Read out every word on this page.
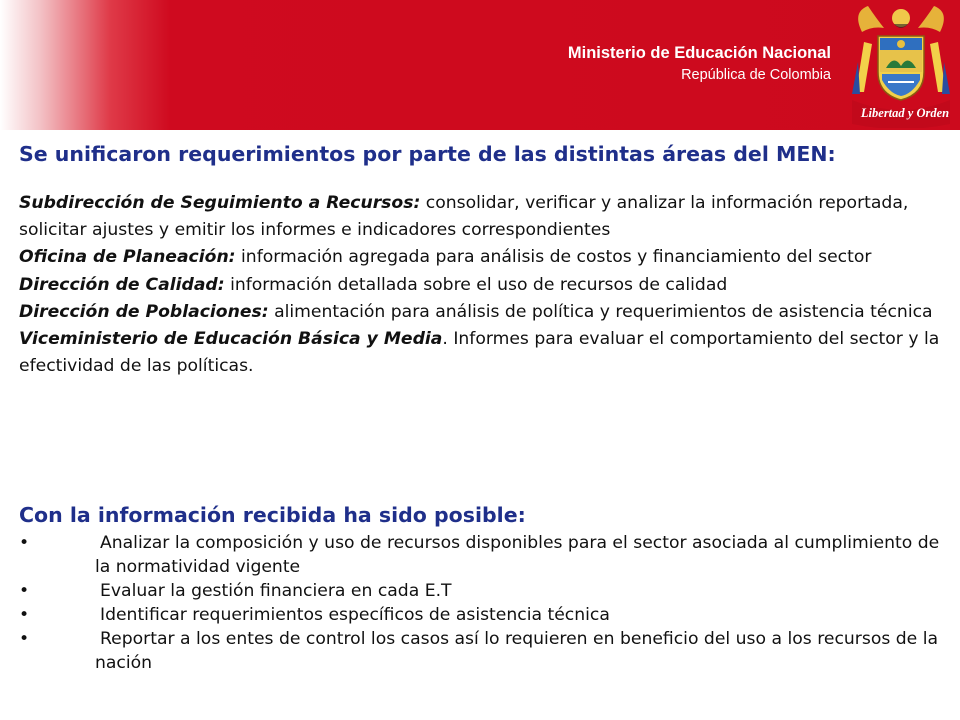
Ministerio de Educación Nacional
República de Colombia
Libertad y Orden
Se unificaron requerimientos por parte de las distintas áreas del MEN:

Subdirección de Seguimiento a Recursos: consolidar, verificar y analizar la información reportada, solicitar ajustes y emitir los informes e indicadores correspondientes

Oficina de Planeación: información agregada para análisis de costos y financiamiento del sector

Dirección de Calidad: información detallada sobre el uso de recursos de calidad

Dirección de Poblaciones: alimentación para análisis de política y requerimientos de asistencia técnica

Viceministerio de Educación Básica y Media. Informes para evaluar el comportamiento del sector y la efectividad de las políticas.

Con la información recibida ha sido posible:
•	Analizar la composición y uso de recursos disponibles para el sector asociada al cumplimiento de la normatividad vigente
•	Evaluar la gestión financiera en cada E.T
•	Identificar requerimientos específicos de asistencia técnica
•	Reportar a los entes de control los casos así lo requieren en beneficio del uso a los recursos de la nación
